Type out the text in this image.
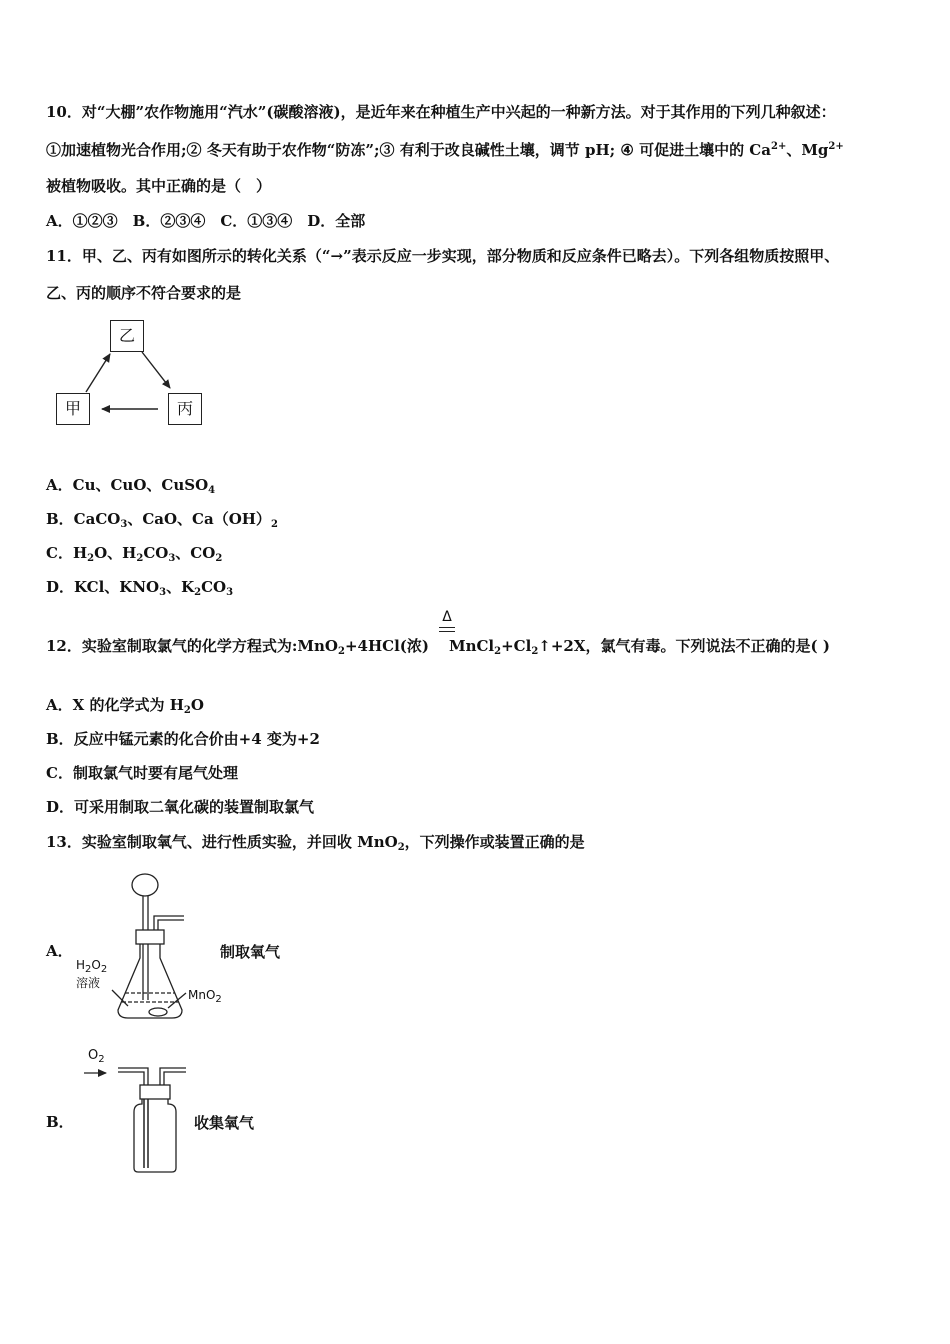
10．对“大棚”农作物施用“汽水”(碳酸溶液)，是近年来在种植生产中兴起的一种新方法。对于其作用的下列几种叙述：
①加速植物光合作用;② 冬天有助于农作物“防冻”;③ 有利于改良碱性土壤，调节 pH; ④ 可促进土壤中的 $Ca^{2+}$、$Mg^{2+}$
被植物吸收。其中正确的是（　）
A．①②③　B．②③④　C．①③④　D．全部
11．甲、乙、丙有如图所示的转化关系（“→”表示反应一步实现，部分物质和反应条件已略去）。下列各组物质按照甲、
乙、丙的顺序不符合要求的是
乙
甲	丙
A．Cu、CuO、CuSO$_4$
B．CaCO$_3$、CaO、$Ca(OH)_2$
C．$H_2O$、$H_2CO_3$、$CO_2$
D．KCl、$KNO_3$、$K_2CO_3$
Δ
12．实验室制取氯气的化学方程式为:MnO$_2$+4HCl(浓) $MnCl_2+Cl_2↑+2X$，氯气有毒。下列说法不正确的是( )
A．X 的化学式为 $H_2O$
B．反应中锰元素的化合价由+4 变为+2
C．制取氯气时要有尾气处理
D．可采用制取二氧化碳的装置制取氯气
13．实验室制取氧气、进行性质实验，并回收 MnO$_2$，下列操作或装置正确的是
A．
$H_2O_2$
溶液
MnO$_2$
制取氧气
B．
$O_2$
收集氧气
